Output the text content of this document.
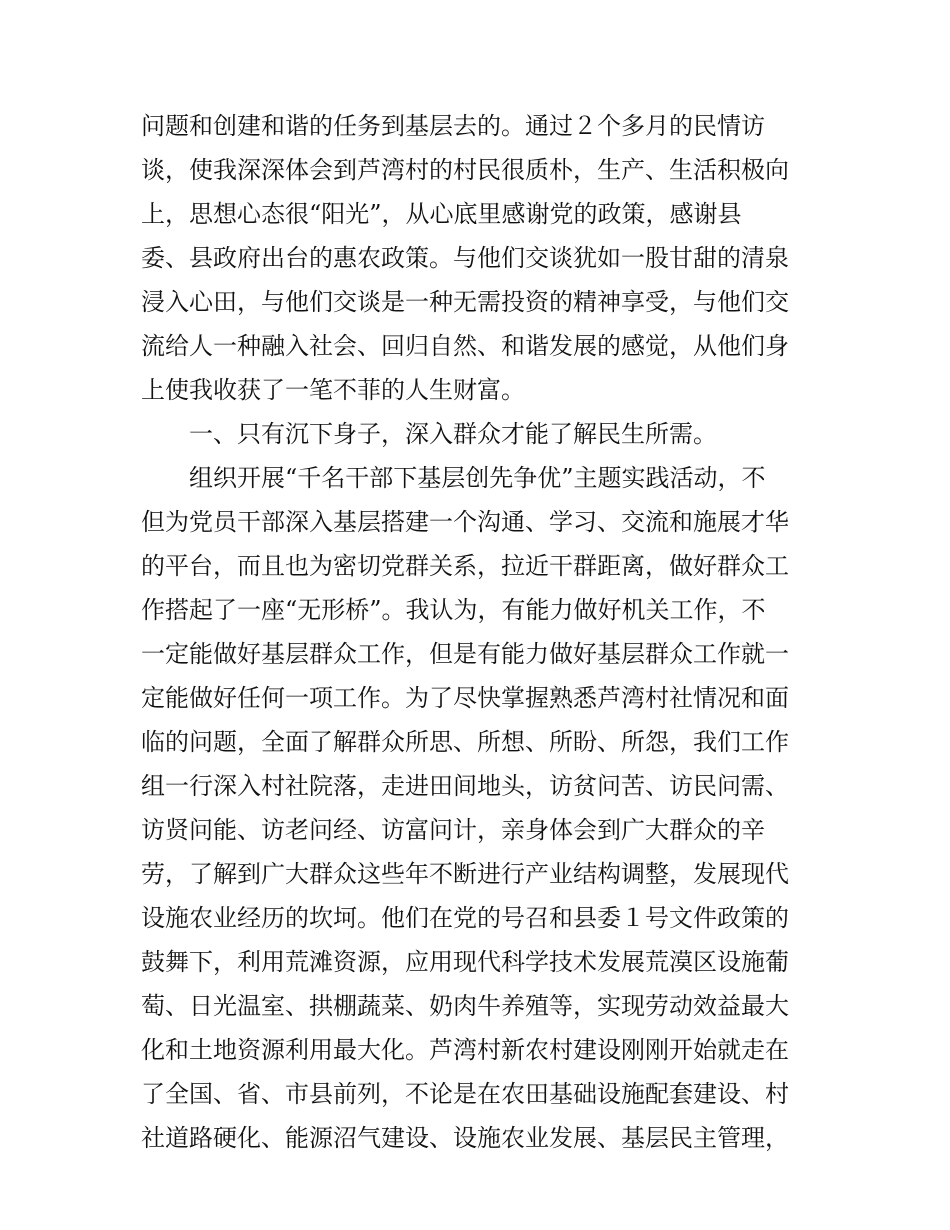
问题和创建和谐的任务到基层去的。通过２个多月的民情访
谈，使我深深体会到芦湾村的村民很质朴，生产、生活积极向
上，思想心态很“阳光”，从心底里感谢党的政策，感谢县
委、县政府出台的惠农政策。与他们交谈犹如一股甘甜的清泉
浸入心田，与他们交谈是一种无需投资的精神享受，与他们交
流给人一种融入社会、回归自然、和谐发展的感觉，从他们身
上使我收获了一笔不菲的人生财富。
一、只有沉下身子，深入群众才能了解民生所需。
组织开展“千名干部下基层创先争优”主题实践活动，不
但为党员干部深入基层搭建一个沟通、学习、交流和施展才华
的平台，而且也为密切党群关系，拉近干群距离，做好群众工
作搭起了一座“无形桥”。我认为，有能力做好机关工作，不
一定能做好基层群众工作，但是有能力做好基层群众工作就一
定能做好任何一项工作。为了尽快掌握熟悉芦湾村社情况和面
临的问题，全面了解群众所思、所想、所盼、所怨，我们工作
组一行深入村社院落，走进田间地头，访贫问苦、访民问需、
访贤问能、访老问经、访富问计，亲身体会到广大群众的辛
劳，了解到广大群众这些年不断进行产业结构调整，发展现代
设施农业经历的坎坷。他们在党的号召和县委１号文件政策的
鼓舞下，利用荒滩资源，应用现代科学技术发展荒漠区设施葡
萄、日光温室、拱棚蔬菜、奶肉牛养殖等，实现劳动效益最大
化和土地资源利用最大化。芦湾村新农村建设刚刚开始就走在
了全国、省、市县前列，不论是在农田基础设施配套建设、村
社道路硬化、能源沼气建设、设施农业发展、基层民主管理，
